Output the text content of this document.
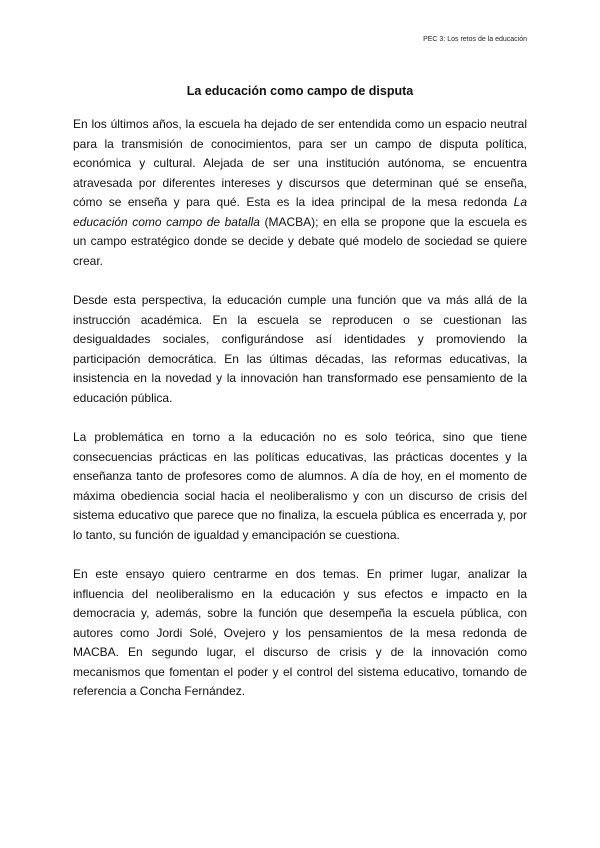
PEC 3: Los retos de la educación
La educación como campo de disputa

En los últimos años, la escuela ha dejado de ser entendida como un espacio neutral para la transmisión de conocimientos, para ser un campo de disputa política, económica y cultural. Alejada de ser una institución autónoma, se encuentra atravesada por diferentes intereses y discursos que determinan qué se enseña, cómo se enseña y para qué. Esta es la idea principal de la mesa redonda La educación como campo de batalla (MACBA); en ella se propone que la escuela es un campo estratégico donde se decide y debate qué modelo de sociedad se quiere crear.

Desde esta perspectiva, la educación cumple una función que va más allá de la instrucción académica. En la escuela se reproducen o se cuestionan las desigualdades sociales, configurándose así identidades y promoviendo la participación democrática. En las últimas décadas, las reformas educativas, la insistencia en la novedad y la innovación han transformado ese pensamiento de la educación pública.

La problemática en torno a la educación no es solo teórica, sino que tiene consecuencias prácticas en las políticas educativas, las prácticas docentes y la enseñanza tanto de profesores como de alumnos. A día de hoy, en el momento de máxima obediencia social hacia el neoliberalismo y con un discurso de crisis del sistema educativo que parece que no finaliza, la escuela pública es encerrada y, por lo tanto, su función de igualdad y emancipación se cuestiona.

En este ensayo quiero centrarme en dos temas. En primer lugar, analizar la influencia del neoliberalismo en la educación y sus efectos e impacto en la democracia y, además, sobre la función que desempeña la escuela pública, con autores como Jordi Solé, Ovejero y los pensamientos de la mesa redonda de MACBA. En segundo lugar, el discurso de crisis y de la innovación como mecanismos que fomentan el poder y el control del sistema educativo, tomando de referencia a Concha Fernández.
